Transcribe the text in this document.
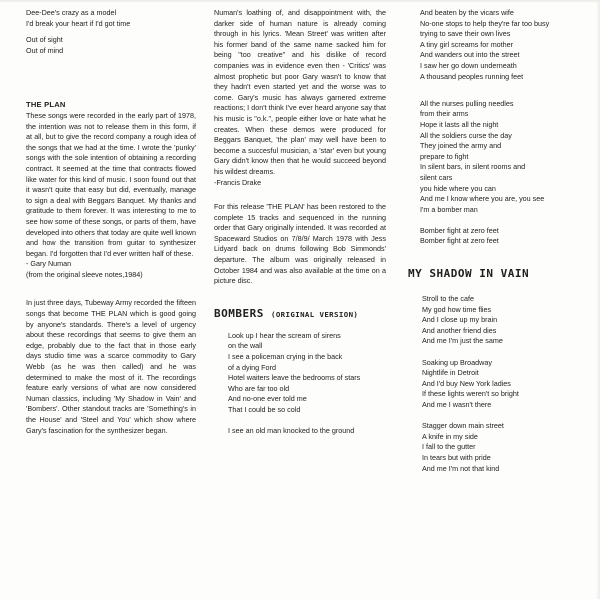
Dee-Dee's crazy as a model
I'd break your heart if I'd got time
Out of sight
Out of mind
THE PLAN
These songs were recorded in the early part of 1978, the intention was not to release them in this form, if at all, but to give the record company a rough idea of the songs that we had at the time. I wrote the 'punky' songs with the sole intention of obtaining a recording contract. It seemed at the time that contracts flowed like water for this kind of music. I soon found out that it wasn't quite that easy but did, eventually, manage to sign a deal with Beggars Banquet. My thanks and gratitude to them forever. It was interesting to me to see how some of these songs, or parts of them, have developed into others that today are quite well known and how the transition from guitar to synthesizer began. I'd forgotten that I'd ever written half of these.
- Gary Numan
(from the original sleeve notes,1984)
In just three days, Tubeway Army recorded the fifteen songs that become THE PLAN which is good going by anyone's standards. There's a level of urgency about these recordings that seems to give them an edge, probably due to the fact that in those early days studio time was a scarce commodity to Gary Webb (as he was then called) and he was determined to make the most of it. The recordings feature early versions of what are now considered Numan classics, including 'My Shadow in Vain' and 'Bombers'. Other standout tracks are 'Something's in the House' and 'Steel and You' which show where Gary's fascination for the synthesizer began.
Numan's loathing of, and disappointment with, the darker side of human nature is already coming through in his lyrics. 'Mean Street' was written after his former band of the same name sacked him for being "too creative" and his dislike of record companies was in evidence even then - 'Critics' was almost prophetic but poor Gary wasn't to know that they hadn't even started yet and the worse was to come. Gary's music has always garnered extreme reactions; I don't think I've ever heard anyone say that his music is "o.k.", people either love or hate what he creates. When these demos were produced for Beggars Banquet, 'the plan' may well have been to become a succesful musician, a 'star' even but young Gary didn't know then that he would succeed beyond his wildest dreams.
-Francis Drake
For this release 'THE PLAN' has been restored to the complete 15 tracks and sequenced in the running order that Gary originally intended. It was recorded at Spaceward Studios on 7/8/9/ March 1978 with Jess Lidyard back on drums following Bob Simmonds' departure. The album was originally released in October 1984 and was also available at the time on a picture disc.
BOMBERS (ORIGINAL VERSION)
Look up I hear the scream of sirens
on the wall
I see a policeman crying in the back
of a dying Ford
Hotel waiters leave the bedrooms of stars
Who are far too old
And no-one ever told me
That I could be so cold
I see an old man knocked to the ground
And beaten by the vicars wife
No-one stops to help they're far too busy
trying to save their own lives
A tiny girl screams for mother
And wanders out into the street
I saw her go down underneath
A thousand peoples running feet
All the nurses pulling needles
from their arms
Hope it lasts all the night
All the soldiers curse the day
They joined the army and
prepare to fight
In silent bars, in silent rooms and
silent cars
you hide where you can
And me I know where you are, you see
I'm a bomber man
Bomber fight at zero feet
Bomber fight at zero feet
MY SHADOW IN VAIN
Stroll to the cafe
My god how time flies
And I close up my brain
And another friend dies
And me I'm just the same
Soaking up Broadway
Nightlife in Detroit
And I'd buy New York ladies
If these lights weren't so bright
And me I wasn't there
Stagger down main street
A knife in my side
I fall to the gutter
In tears but with pride
And me I'm not that kind
